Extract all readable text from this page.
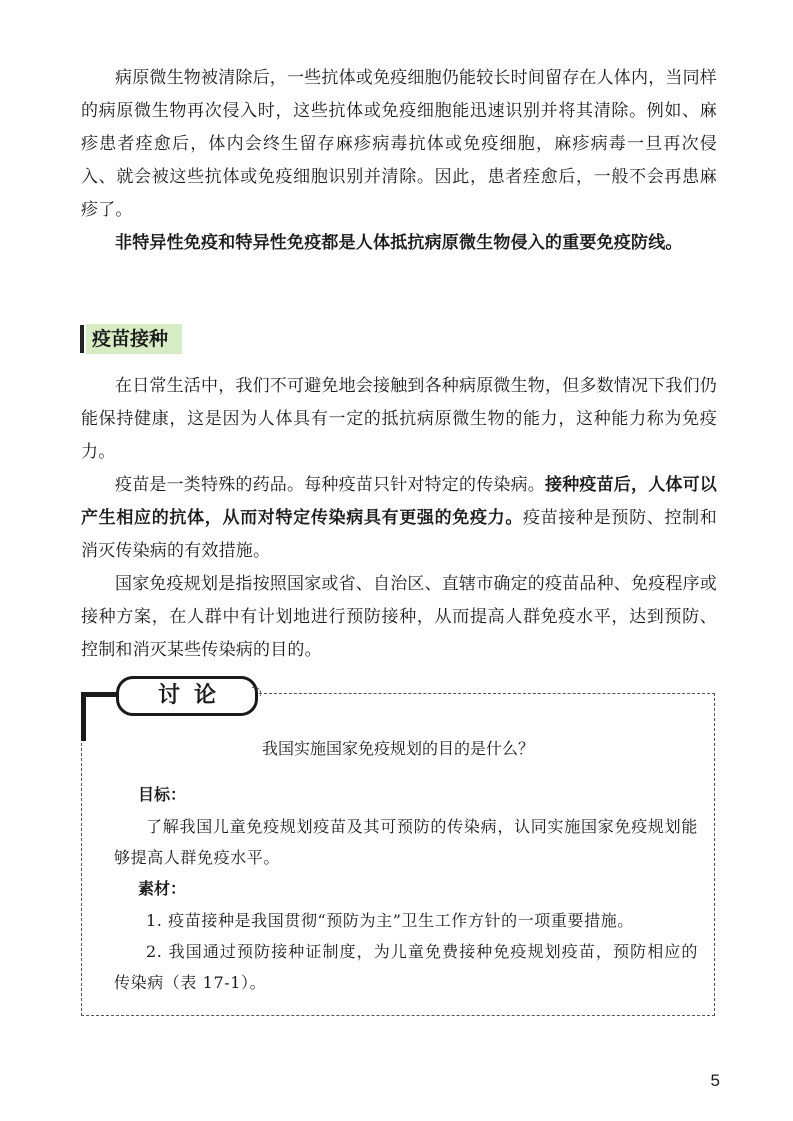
病原微生物被清除后，一些抗体或免疫细胞仍能较长时间留存在人体内，当同样的病原微生物再次侵入时，这些抗体或免疫细胞能迅速识别并将其清除。例如、麻疹患者痊愈后，体内会终生留存麻疹病毒抗体或免疫细胞，麻疹病毒一旦再次侵入、就会被这些抗体或免疫细胞识别并清除。因此，患者痊愈后，一般不会再患麻疹了。

非特异性免疫和特异性免疫都是人体抵抗病原微生物侵入的重要免疫防线。

疫苗接种

在日常生活中，我们不可避免地会接触到各种病原微生物，但多数情况下我们仍能保持健康，这是因为人体具有一定的抵抗病原微生物的能力，这种能力称为免疫力。

疫苗是一类特殊的药品。每种疫苗只针对特定的传染病。接种疫苗后，人体可以产生相应的抗体，从而对特定传染病具有更强的免疫力。疫苗接种是预防、控制和消灭传染病的有效措施。

国家免疫规划是指按照国家或省、自治区、直辖市确定的疫苗品种、免疫程序或接种方案，在人群中有计划地进行预防接种，从而提高人群免疫水平，达到预防、控制和消灭某些传染病的目的。

讨论

我国实施国家免疫规划的目的是什么？

目标：

了解我国儿童免疫规划疫苗及其可预防的传染病，认同实施国家免疫规划能够提高人群免疫水平。

素材：

1. 疫苗接种是我国贯彻“预防为主”卫生工作方针的一项重要措施。

2. 我国通过预防接种证制度，为儿童免费接种免疫规划疫苗，预防相应的传染病（表 17-1）。

5
